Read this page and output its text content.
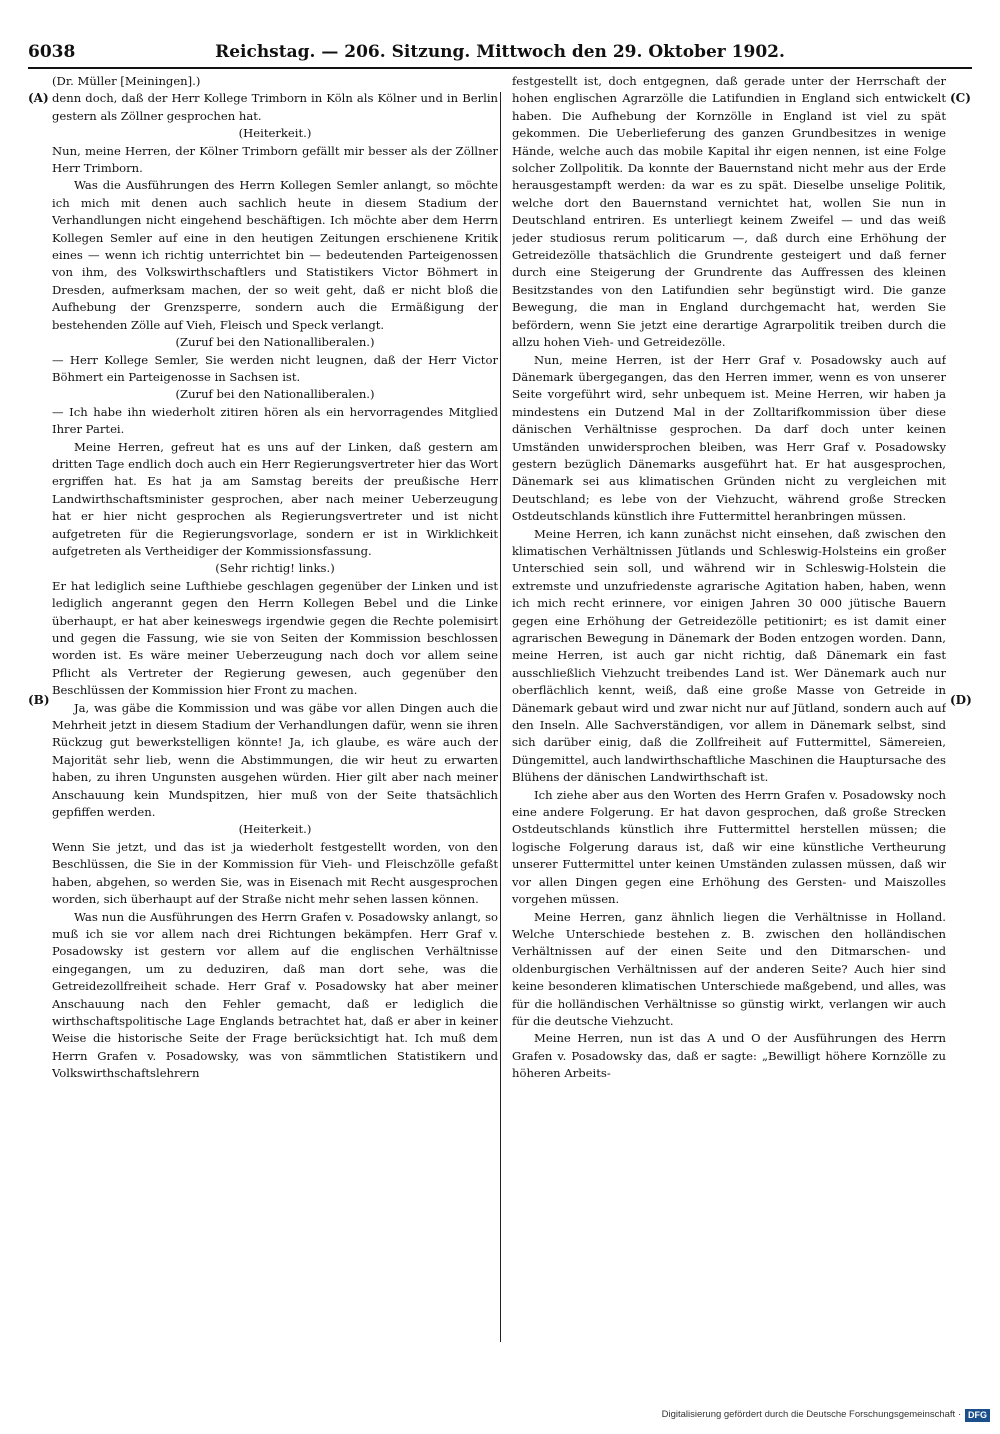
6038	Reichstag. — 206. Sitzung. Mittwoch den 29. Oktober 1902.
(A)
(B)
(C)
(D)

(Dr. Müller [Meiningen].)

denn doch, daß der Herr Kollege Trimborn in Köln als Kölner und in Berlin gestern als Zöllner gesprochen hat.

(Heiterkeit.)

Nun, meine Herren, der Kölner Trimborn gefällt mir besser als der Zöllner Herr Trimborn.

Was die Ausführungen des Herrn Kollegen Semler anlangt, so möchte ich mich mit denen auch sachlich heute in diesem Stadium der Verhandlungen nicht eingehend beschäftigen. Ich möchte aber dem Herrn Kollegen Semler auf eine in den heutigen Zeitungen erschienene Kritik eines — wenn ich richtig unterrichtet bin — bedeutenden Parteigenossen von ihm, des Volkswirthschaftlers und Statistikers Victor Böhmert in Dresden, aufmerksam machen, der so weit geht, daß er nicht bloß die Aufhebung der Grenzsperre, sondern auch die Ermäßigung der bestehenden Zölle auf Vieh, Fleisch und Speck verlangt.

(Zuruf bei den Nationalliberalen.)

— Herr Kollege Semler, Sie werden nicht leugnen, daß der Herr Victor Böhmert ein Parteigenosse in Sachsen ist.

(Zuruf bei den Nationalliberalen.)

— Ich habe ihn wiederholt zitiren hören als ein hervorragendes Mitglied Ihrer Partei.

Meine Herren, gefreut hat es uns auf der Linken, daß gestern am dritten Tage endlich doch auch ein Herr Regierungsvertreter hier das Wort ergriffen hat. Es hat ja am Samstag bereits der preußische Herr Landwirthschaftsminister gesprochen, aber nach meiner Ueberzeugung hat er hier nicht gesprochen als Regierungsvertreter und ist nicht aufgetreten für die Regierungsvorlage, sondern er ist in Wirklichkeit aufgetreten als Vertheidiger der Kommissionsfassung.

(Sehr richtig! links.)

Er hat lediglich seine Lufthiebe geschlagen gegenüber der Linken und ist lediglich angerannt gegen den Herrn Kollegen Bebel und die Linke überhaupt, er hat aber keineswegs irgendwie gegen die Rechte polemisirt und gegen die Fassung, wie sie von Seiten der Kommission beschlossen worden ist. Es wäre meiner Ueberzeugung nach doch vor allem seine Pflicht als Vertreter der Regierung gewesen, auch gegenüber den Beschlüssen der Kommission hier Front zu machen.

Ja, was gäbe die Kommission und was gäbe vor allen Dingen auch die Mehrheit jetzt in diesem Stadium der Verhandlungen dafür, wenn sie ihren Rückzug gut bewerkstelligen könnte! Ja, ich glaube, es wäre auch der Majorität sehr lieb, wenn die Abstimmungen, die wir heut zu erwarten haben, zu ihren Ungunsten ausgehen würden. Hier gilt aber nach meiner Anschauung kein Mundspitzen, hier muß von der Seite thatsächlich gepfiffen werden.

(Heiterkeit.)

Wenn Sie jetzt, und das ist ja wiederholt festgestellt worden, von den Beschlüssen, die Sie in der Kommission für Vieh- und Fleischzölle gefaßt haben, abgehen, so werden Sie, was in Eisenach mit Recht ausgesprochen worden, sich überhaupt auf der Straße nicht mehr sehen lassen können.

Was nun die Ausführungen des Herrn Grafen v. Posadowsky anlangt, so muß ich sie vor allem nach drei Richtungen bekämpfen. Herr Graf v. Posadowsky ist gestern vor allem auf die englischen Verhältnisse eingegangen, um zu deduziren, daß man dort sehe, was die Getreidezollfreiheit schade. Herr Graf v. Posadowsky hat aber meiner Anschauung nach den Fehler gemacht, daß er lediglich die wirthschaftspolitische Lage Englands betrachtet hat, daß er aber in keiner Weise die historische Seite der Frage berücksichtigt hat. Ich muß dem Herrn Grafen v. Posadowsky, was von sämmtlichen Statistikern und Volkswirthschaftslehrern

festgestellt ist, doch entgegnen, daß gerade unter der Herrschaft der hohen englischen Agrarzölle die Latifundien in England sich entwickelt haben. Die Aufhebung der Kornzölle in England ist viel zu spät gekommen. Die Ueberlieferung des ganzen Grundbesitzes in wenige Hände, welche auch das mobile Kapital ihr eigen nennen, ist eine Folge solcher Zollpolitik. Da konnte der Bauernstand nicht mehr aus der Erde herausgestampft werden: da war es zu spät. Dieselbe unselige Politik, welche dort den Bauernstand vernichtet hat, wollen Sie nun in Deutschland entriren. Es unterliegt keinem Zweifel — und das weiß jeder studiosus rerum politicarum —, daß durch eine Erhöhung der Getreidezölle thatsächlich die Grundrente gesteigert und daß ferner durch eine Steigerung der Grundrente das Auffressen des kleinen Besitzstandes von den Latifundien sehr begünstigt wird. Die ganze Bewegung, die man in England durchgemacht hat, werden Sie befördern, wenn Sie jetzt eine derartige Agrarpolitik treiben durch die allzu hohen Vieh- und Getreidezölle.

Nun, meine Herren, ist der Herr Graf v. Posadowsky auch auf Dänemark übergegangen, das den Herren immer, wenn es von unserer Seite vorgeführt wird, sehr unbequem ist. Meine Herren, wir haben ja mindestens ein Dutzend Mal in der Zolltarifkommission über diese dänischen Verhältnisse gesprochen. Da darf doch unter keinen Umständen unwidersprochen bleiben, was Herr Graf v. Posadowsky gestern bezüglich Dänemarks ausgeführt hat. Er hat ausgesprochen, Dänemark sei aus klimatischen Gründen nicht zu vergleichen mit Deutschland; es lebe von der Viehzucht, während große Strecken Ostdeutschlands künstlich ihre Futtermittel heranbringen müssen.

Meine Herren, ich kann zunächst nicht einsehen, daß zwischen den klimatischen Verhältnissen Jütlands und Schleswig-Holsteins ein großer Unterschied sein soll, und während wir in Schleswig-Holstein die extremste und unzufriedenste agrarische Agitation haben, haben, wenn ich mich recht erinnere, vor einigen Jahren 30 000 jütische Bauern gegen eine Erhöhung der Getreidezölle petitionirt; es ist damit einer agrarischen Bewegung in Dänemark der Boden entzogen worden. Dann, meine Herren, ist auch gar nicht richtig, daß Dänemark ein fast ausschließlich Viehzucht treibendes Land ist. Wer Dänemark auch nur oberflächlich kennt, weiß, daß eine große Masse von Getreide in Dänemark gebaut wird und zwar nicht nur auf Jütland, sondern auch auf den Inseln. Alle Sachverständigen, vor allem in Dänemark selbst, sind sich darüber einig, daß die Zollfreiheit auf Futtermittel, Sämereien, Düngemittel, auch landwirthschaftliche Maschinen die Hauptursache des Blühens der dänischen Landwirthschaft ist.

Ich ziehe aber aus den Worten des Herrn Grafen v. Posadowsky noch eine andere Folgerung. Er hat davon gesprochen, daß große Strecken Ostdeutschlands künstlich ihre Futtermittel herstellen müssen; die logische Folgerung daraus ist, daß wir eine künstliche Vertheurung unserer Futtermittel unter keinen Umständen zulassen müssen, daß wir vor allen Dingen gegen eine Erhöhung des Gersten- und Maiszolles vorgehen müssen.

Meine Herren, ganz ähnlich liegen die Verhältnisse in Holland. Welche Unterschiede bestehen z. B. zwischen den holländischen Verhältnissen auf der einen Seite und den Ditmarschen- und oldenburgischen Verhältnissen auf der anderen Seite? Auch hier sind keine besonderen klimatischen Unterschiede maßgebend, und alles, was für die holländischen Verhältnisse so günstig wirkt, verlangen wir auch für die deutsche Viehzucht.

Meine Herren, nun ist das A und O der Ausführungen des Herrn Grafen v. Posadowsky das, daß er sagte: „Bewilligt höhere Kornzölle zu höheren Arbeits-

Digitalisierung gefördert durch die Deutsche Forschungsgemeinschaft · DFG
